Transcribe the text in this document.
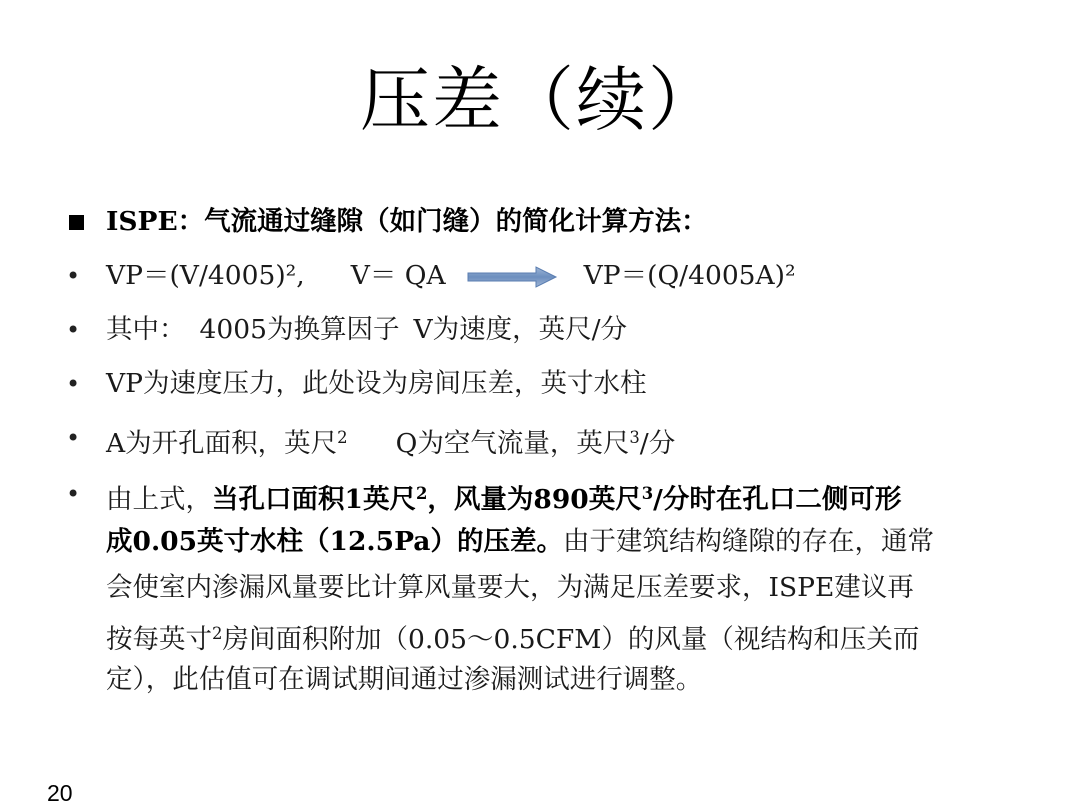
压差（续）
ISPE：气流通过缝隙（如门缝）的简化计算方法：
• VP＝(V/4005)², V＝ QA	VP＝(Q/4005A)²
• 其中： 4005为换算因子 V为速度，英尺/分
• VP为速度压力，此处设为房间压差，英寸水柱
• A为开孔面积，英尺$^2$ Q为空气流量，英尺$^3$/分
• 由上式，当孔口面积1英尺$^2$，风量为890英尺$^3$/分时在孔口二侧可形
成0.05英寸水柱（12.5Pa）的压差。由于建筑结构缝隙的存在，通常
会使室内渗漏风量要比计算风量要大，为满足压差要求，ISPE建议再
按每英寸$^2$房间面积附加（0.05～0.5CFM）的风量（视结构和压关而
定），此估值可在调试期间通过渗漏测试进行调整。
20
